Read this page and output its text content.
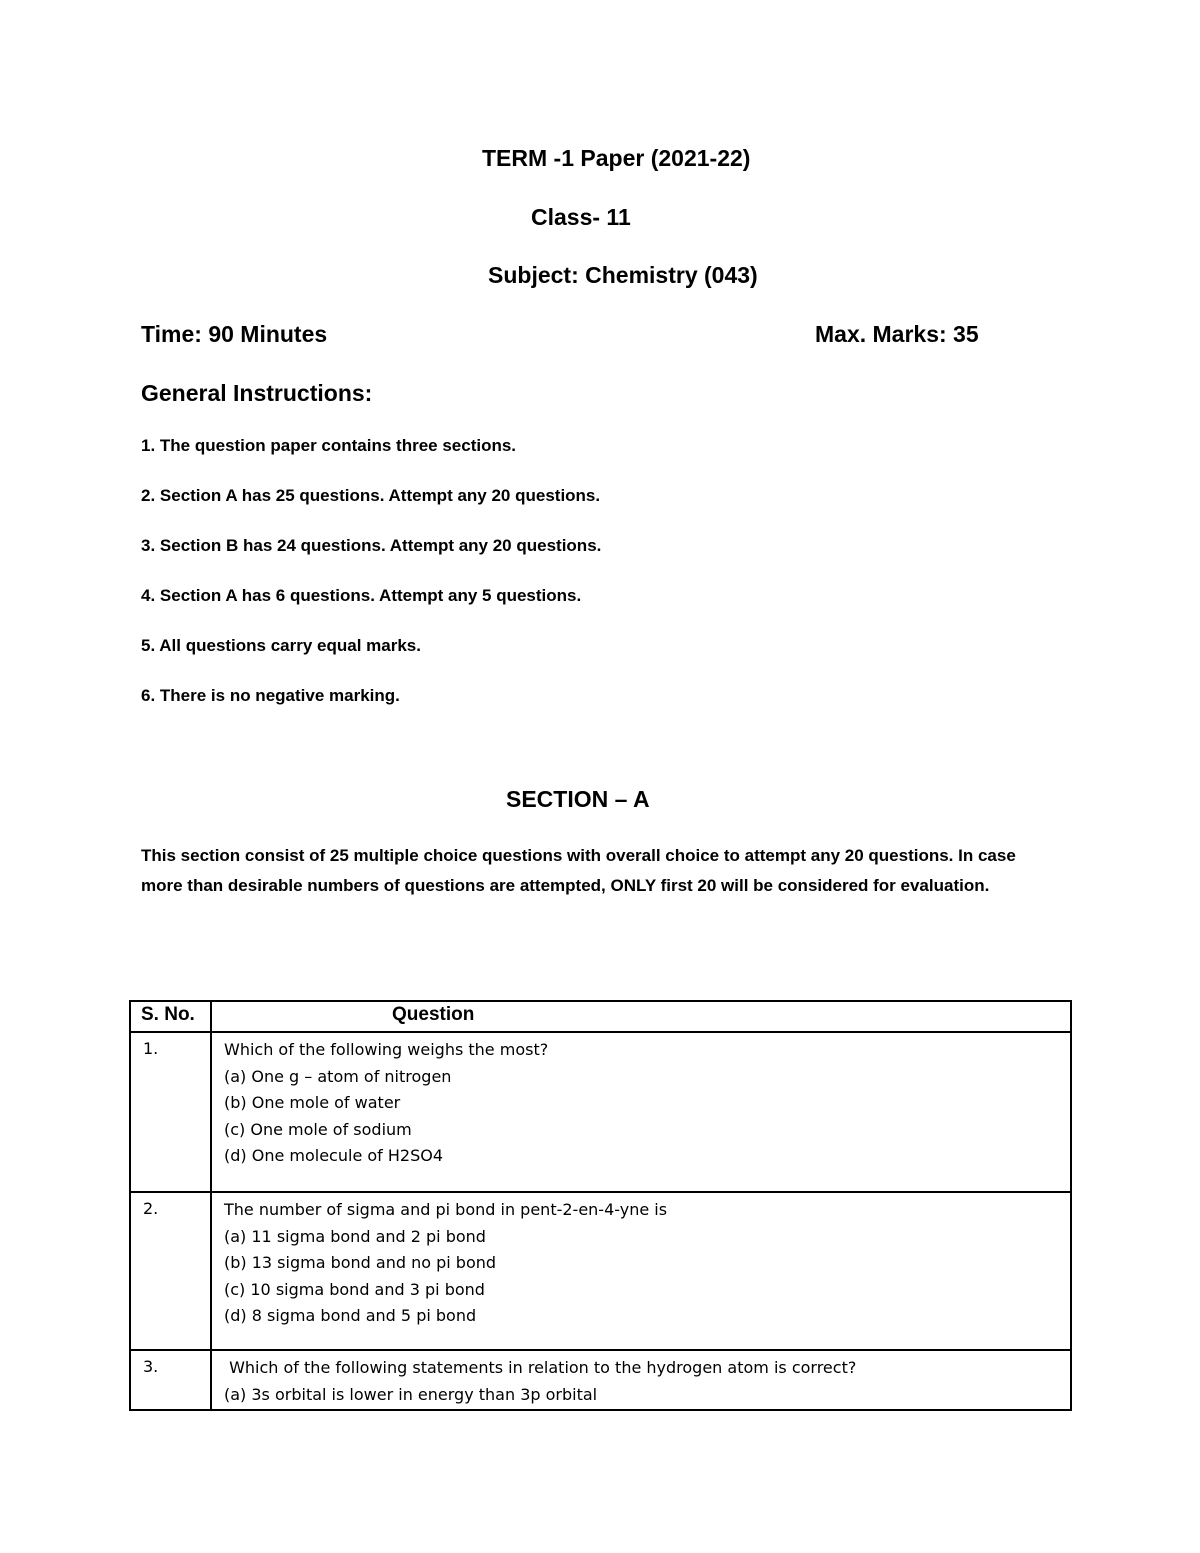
TERM -1 Paper (2021-22)
Class- 11
Subject: Chemistry (043)
Time: 90 Minutes	Max. Marks: 35
General Instructions:
1. The question paper contains three sections.
2. Section A has 25 questions. Attempt any 20 questions.
3. Section B has 24 questions. Attempt any 20 questions.
4. Section A has 6 questions. Attempt any 5 questions.
5. All questions carry equal marks.
6. There is no negative marking.
SECTION – A
This section consist of 25 multiple choice questions with overall choice to attempt any 20 questions. In case more than desirable numbers of questions are attempted, ONLY first 20 will be considered for evaluation.
S. No.	Question
1.	Which of the following weighs the most?
(a) One g – atom of nitrogen
(b) One mole of water
(c) One mole of sodium
(d) One molecule of H2SO4

2.	The number of sigma and pi bond in pent-2-en-4-yne is
(a) 11 sigma bond and 2 pi bond
(b) 13 sigma bond and no pi bond
(c) 10 sigma bond and 3 pi bond
(d) 8 sigma bond and 5 pi bond

3.	Which of the following statements in relation to the hydrogen atom is correct?
(a) 3s orbital is lower in energy than 3p orbital
